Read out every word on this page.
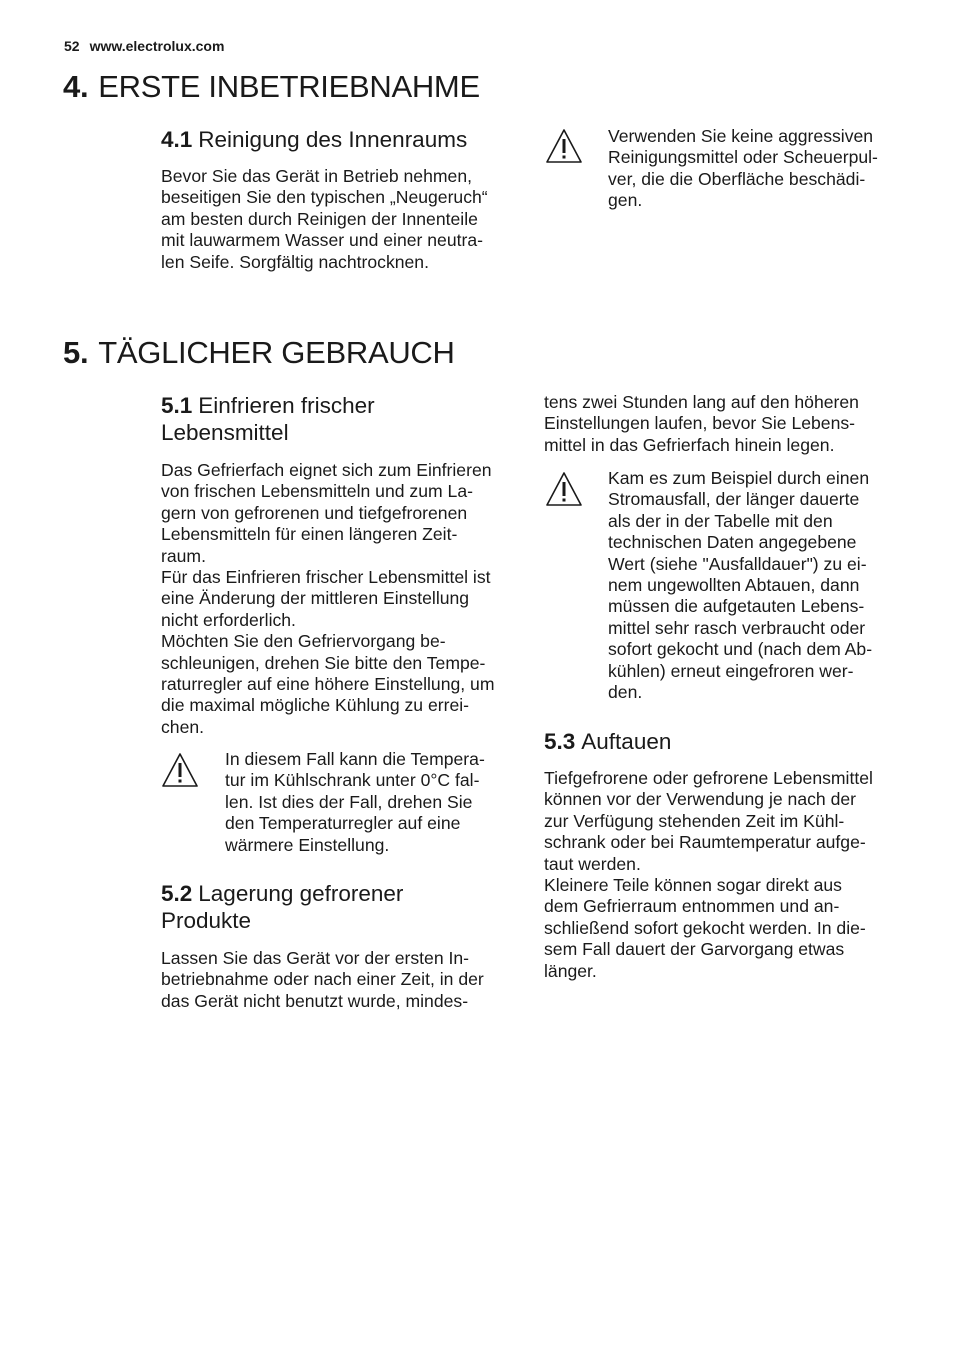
52 www.electrolux.com
4. ERSTE INBETRIEBNAHME
4.1 Reinigung des Innenraums

Bevor Sie das Gerät in Betrieb nehmen,

beseitigen Sie den typischen „Neugeruch“

am besten durch Reinigen der Innenteile

mit lauwarmem Wasser und einer neutra-

len Seife. Sorgfältig nachtrocknen.

Verwenden Sie keine aggressiven

Reinigungsmittel oder Scheuerpul-

ver, die die Oberfläche beschädi-

gen.

5. TÄGLICHER GEBRAUCH
5.1 Einfrieren frischer
Lebensmittel

Das Gefrierfach eignet sich zum Einfrieren

von frischen Lebensmitteln und zum La-

gern von gefrorenen und tiefgefrorenen

Lebensmitteln für einen längeren Zeit-

raum.

Für das Einfrieren frischer Lebensmittel ist

eine Änderung der mittleren Einstellung

nicht erforderlich.

Möchten Sie den Gefriervorgang be-

schleunigen, drehen Sie bitte den Tempe-

raturregler auf eine höhere Einstellung, um

die maximal mögliche Kühlung zu errei-

chen.

In diesem Fall kann die Tempera-

tur im Kühlschrank unter 0°C fal-

len. Ist dies der Fall, drehen Sie

den Temperaturregler auf eine

wärmere Einstellung.

5.2 Lagerung gefrorener
Produkte

Lassen Sie das Gerät vor der ersten In-

betriebnahme oder nach einer Zeit, in der

das Gerät nicht benutzt wurde, mindes-

tens zwei Stunden lang auf den höheren

Einstellungen laufen, bevor Sie Lebens-

mittel in das Gefrierfach hinein legen.

Kam es zum Beispiel durch einen

Stromausfall, der länger dauerte

als der in der Tabelle mit den

technischen Daten angegebene

Wert (siehe "Ausfalldauer") zu ei-

nem ungewollten Abtauen, dann

müssen die aufgetauten Lebens-

mittel sehr rasch verbraucht oder

sofort gekocht und (nach dem Ab-

kühlen) erneut eingefroren wer-

den.

5.3 Auftauen

Tiefgefrorene oder gefrorene Lebensmittel

können vor der Verwendung je nach der

zur Verfügung stehenden Zeit im Kühl-

schrank oder bei Raumtemperatur aufge-

taut werden.

Kleinere Teile können sogar direkt aus

dem Gefrierraum entnommen und an-

schließend sofort gekocht werden. In die-

sem Fall dauert der Garvorgang etwas

länger.
